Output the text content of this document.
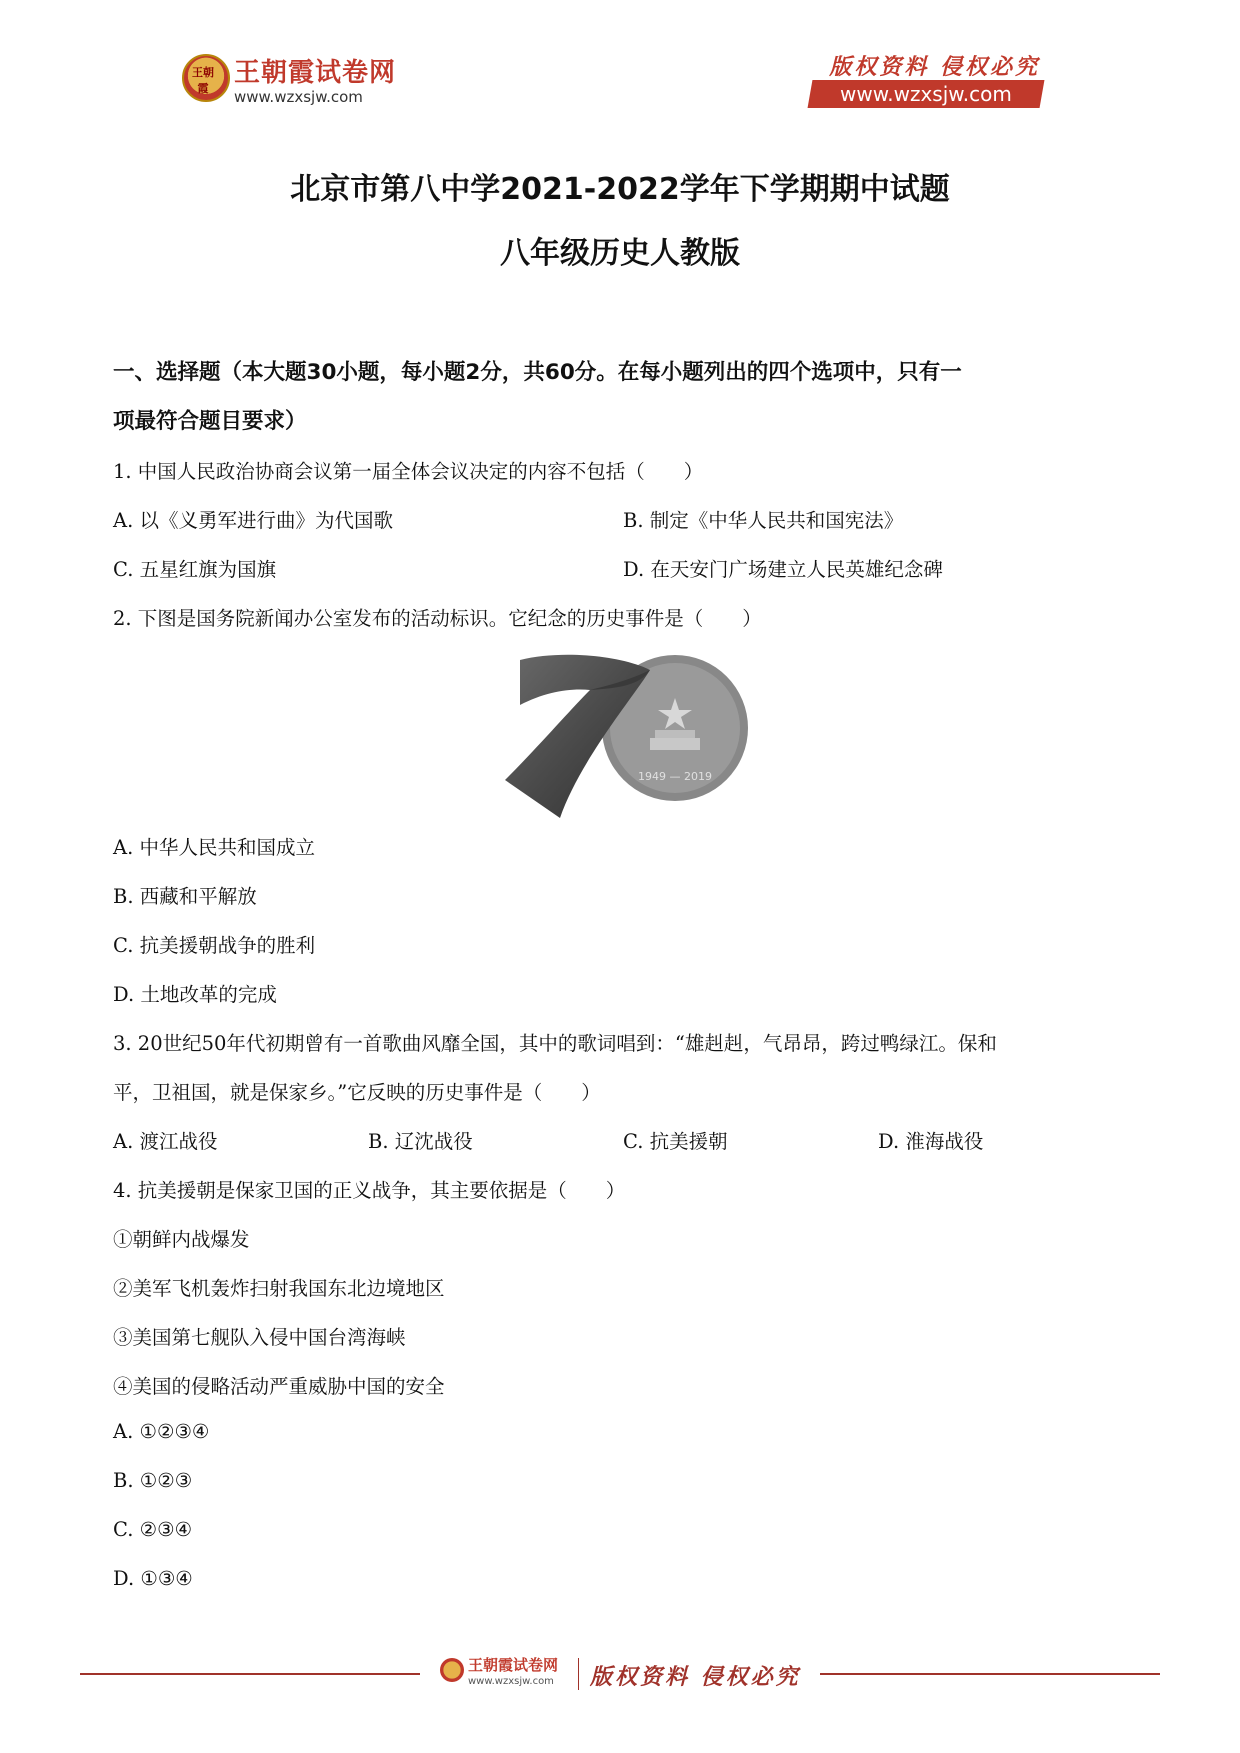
王朝霞
王朝霞试卷网
www.wzxsjw.com
版权资料 侵权必究
www.wzxsjw.com
北京市第八中学2021-2022学年下学期期中试题
八年级历史人教版
一、选择题（本大题30小题，每小题2分，共60分。在每小题列出的四个选项中，只有一
项最符合题目要求）
1. 中国人民政治协商会议第一届全体会议决定的内容不包括（　　）
A. 以《义勇军进行曲》为代国歌	B. 制定《中华人民共和国宪法》
C. 五星红旗为国旗	D. 在天安门广场建立人民英雄纪念碑
2. 下图是国务院新闻办公室发布的活动标识。它纪念的历史事件是（　　）
1949 — 2019
A. 中华人民共和国成立
B. 西藏和平解放
C. 抗美援朝战争的胜利
D. 土地改革的完成
3. 20世纪50年代初期曾有一首歌曲风靡全国，其中的歌词唱到：“雄赳赳，气昂昂，跨过鸭绿江。保和
平，卫祖国，就是保家乡。”它反映的历史事件是（　　）
A. 渡江战役	B. 辽沈战役	C. 抗美援朝	D. 淮海战役
4. 抗美援朝是保家卫国的正义战争，其主要依据是（　　）
①朝鲜内战爆发
②美军飞机轰炸扫射我国东北边境地区
③美国第七舰队入侵中国台湾海峡
④美国的侵略活动严重威胁中国的安全
A. ①②③④
B. ①②③
C. ②③④
D. ①③④
王朝霞试卷网
www.wzxsjw.com 版权资料 侵权必究
